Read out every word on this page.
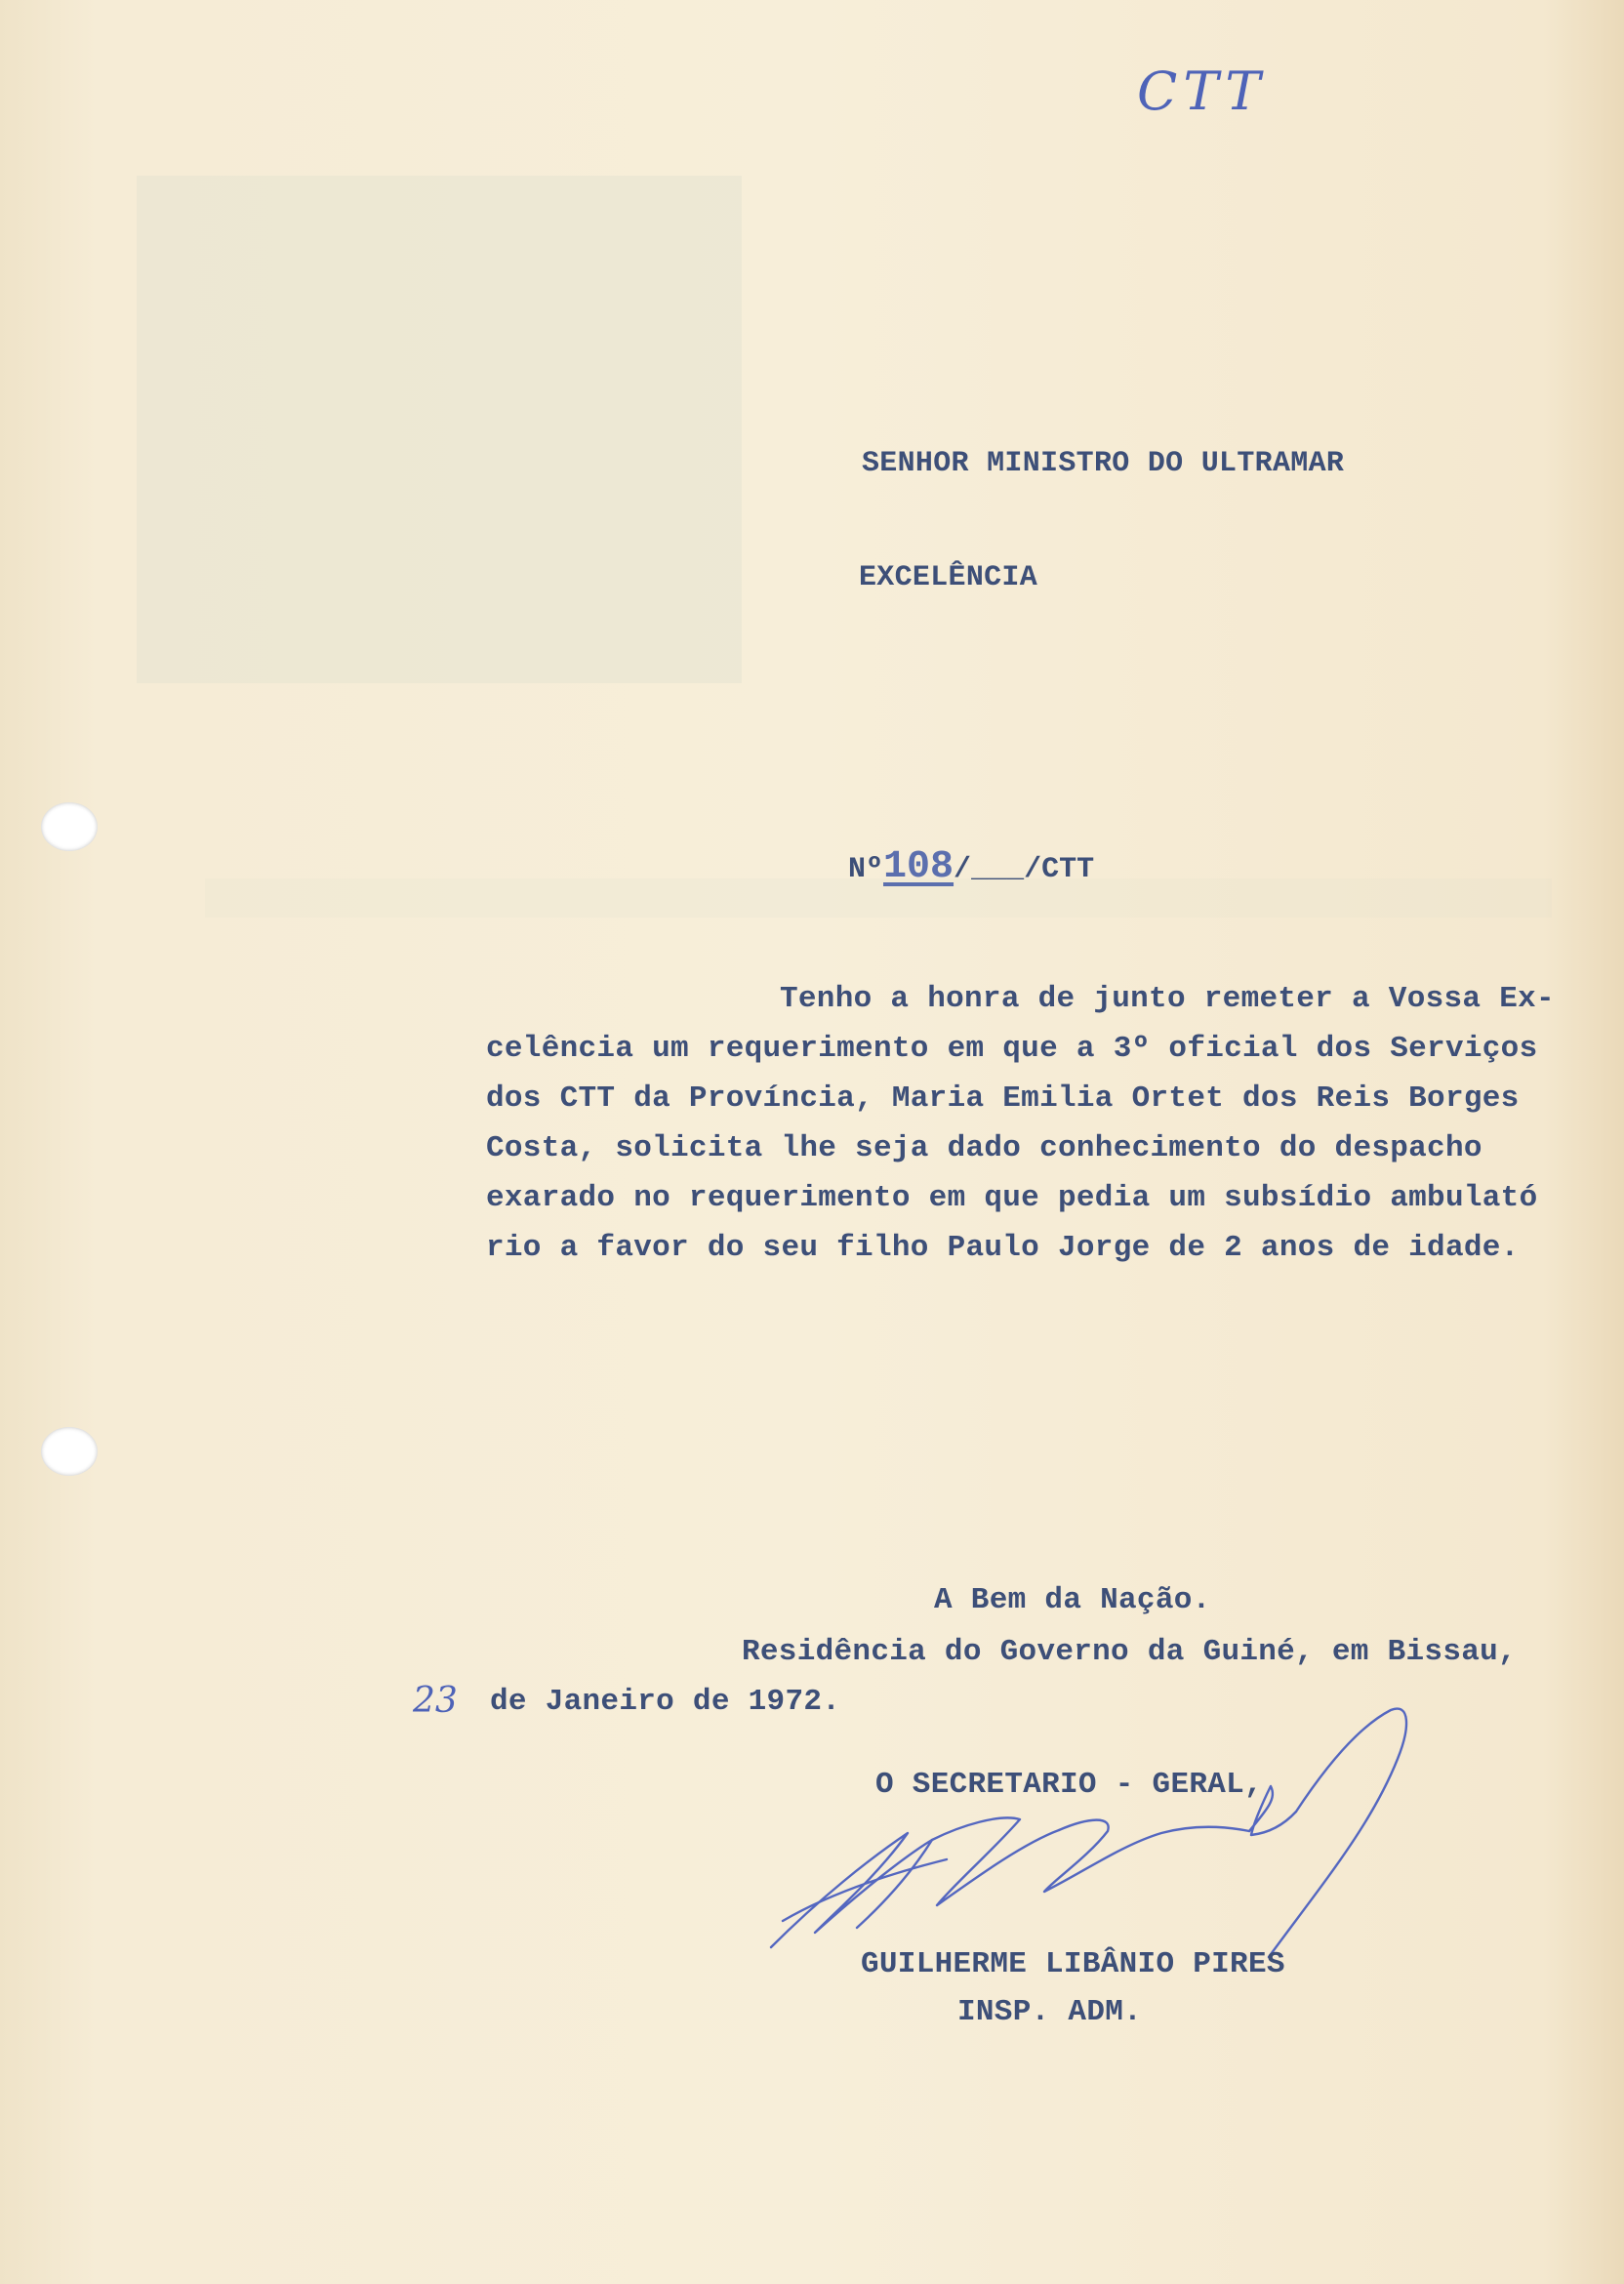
CTT
SENHOR MINISTRO DO ULTRAMAR
EXCELÊNCIA

Nº108/___/CTT

Tenho a honra de junto remeter a Vossa Ex-
celência um requerimento em que a 3º oficial dos Serviços
dos CTT da Província, Maria Emilia Ortet dos Reis Borges
Costa, solicita lhe seja dado conhecimento do despacho
exarado no requerimento em que pedia um subsídio ambulató
rio a favor do seu filho Paulo Jorge de 2 anos de idade.
A Bem da Nação.
Residência do Governo da Guiné, em Bissau,
23 de Janeiro de 1972.
O SECRETARIO - GERAL,
GUILHERME LIBÂNIO PIRES
INSP. ADM.
